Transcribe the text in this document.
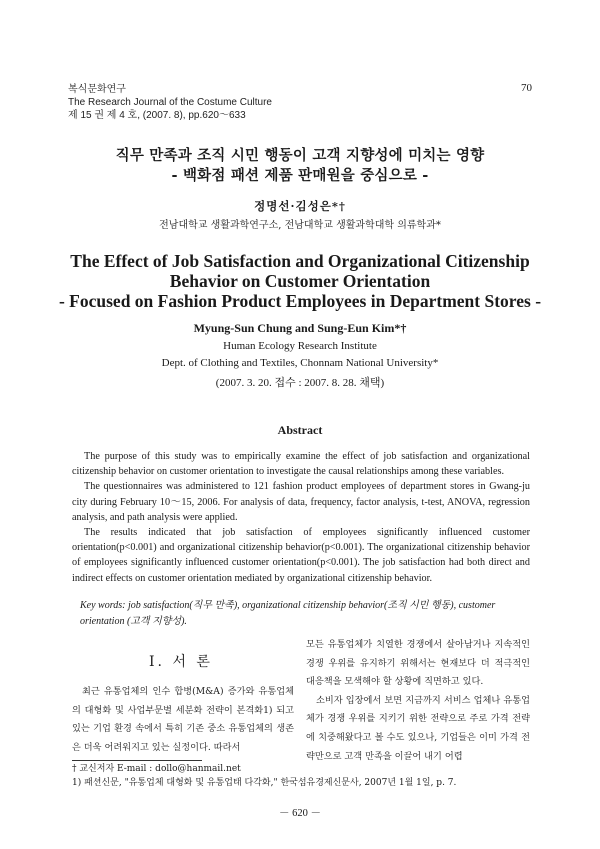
복식문화연구
The Research Journal of the Costume Culture
제 15 권 제 4 호, (2007. 8), pp.620～633
70
직무 만족과 조직 시민 행동이 고객 지향성에 미치는 영향
- 백화점 패션 제품 판매원을 중심으로 -
정명선·김성은*†
전남대학교 생활과학연구소, 전남대학교 생활과학대학 의류학과*
The Effect of Job Satisfaction and Organizational Citizenship
Behavior on Customer Orientation
- Focused on Fashion Product Employees in Department Stores -
Myung-Sun Chung and Sung-Eun Kim*†
Human Ecology Research Institute
Dept. of Clothing and Textiles, Chonnam National University*
(2007. 3. 20. 접수 : 2007. 8. 28. 채택)
Abstract

The purpose of this study was to empirically examine the effect of job satisfaction and organizational citizenship behavior on customer orientation to investigate the causal relationships among these variables.

The questionnaires was administered to 121 fashion product employees of department stores in Gwang-ju city during February 10～15, 2006. For analysis of data, frequency, factor analysis, t-test, ANOVA, regression analysis, and path analysis were applied.

The results indicated that job satisfaction of employees significantly influenced customer orientation(p<0.001) and organizational citizenship behavior(p<0.001). The organizational citizenship behavior of employees significantly influenced customer orientation(p<0.001). The job satisfaction had both direct and indirect effects on customer orientation mediated by organizational citizenship behavior.

Key words: job satisfaction(직무 만족), organizational citizenship behavior(조직 시민 행동), customer orientation (고객 지향성).
Ⅰ. 서 론

최근 유통업체의 인수 합병(M&A) 증가와 유통업체의 대형화 및 사업부문별 세분화 전략이 본격화1) 되고 있는 기업 환경 속에서 특히 기존 중소 유통업체의 생존은 더욱 어려워지고 있는 실정이다. 따라서

모든 유통업체가 치열한 경쟁에서 살아남거나 지속적인 경쟁 우위를 유지하기 위해서는 현재보다 더 적극적인 대응책을 모색해야 할 상황에 직면하고 있다.

소비자 입장에서 보면 지금까지 서비스 업체나 유통업체가 경쟁 우위를 지키기 위한 전략으로 주로 가격 전략에 치중해왔다고 볼 수도 있으나, 기업들은 이미 가격 전략만으로 고객 만족을 이끌어 내기 어렵

† 교신저자 E-mail : dollo@hanmail.net
1) 패션신문, "유통업체 대형화 및 유통업태 다각화," 한국섬유경제신문사, 2007년 1월 1일, p. 7.
－ 620 －
